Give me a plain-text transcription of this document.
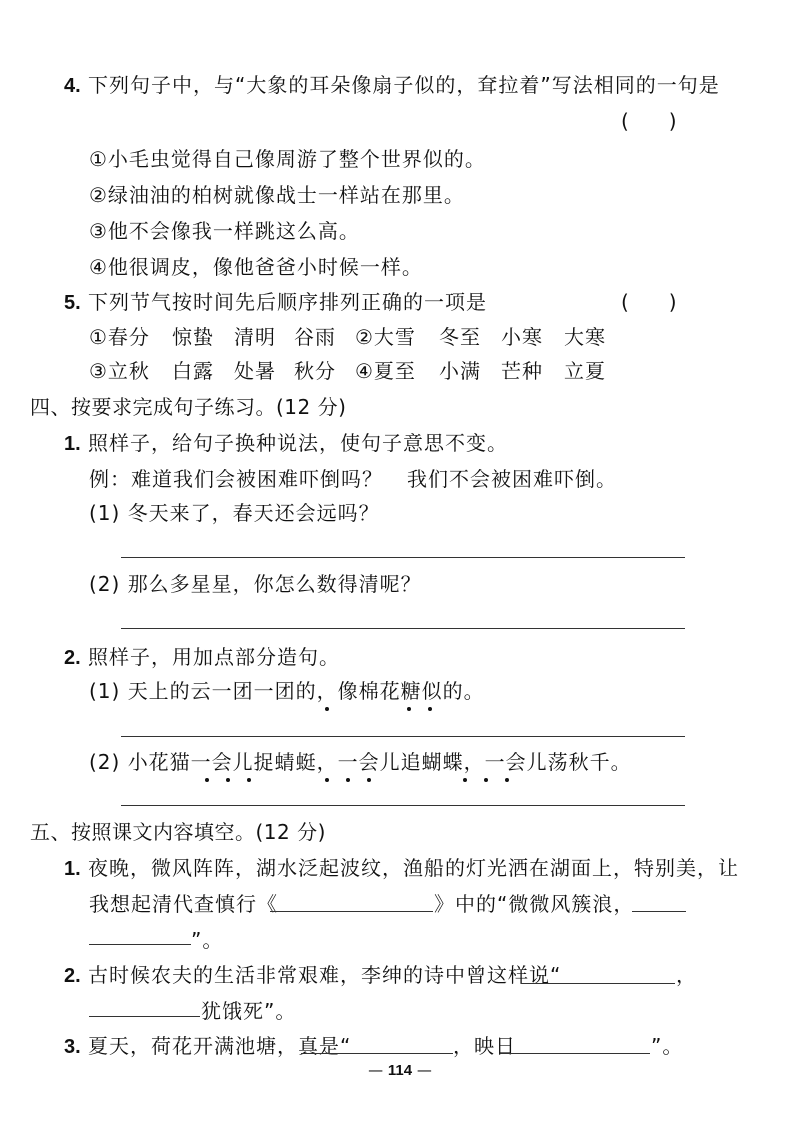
4. 下列句子中，与“大象的耳朵像扇子似的，耷拉着”写法相同的一句是
(　　)
①小毛虫觉得自己像周游了整个世界似的。
②绿油油的柏树就像战士一样站在那里。
③他不会像我一样跳这么高。
④他很调皮，像他爸爸小时候一样。
5. 下列节气按时间先后顺序排列正确的一项是	(　　)
①春分 惊蛰 清明 谷雨 ②大雪 冬至 小寒 大寒
③立秋 白露 处暑 秋分 ④夏至 小满 芒种 立夏
四、按要求完成句子练习。(12 分)
1. 照样子，给句子换种说法，使句子意思不变。
例：难道我们会被困难吓倒吗？ 我们不会被困难吓倒。
(1) 冬天来了，春天还会远吗？
(2) 那么多星星，你怎么数得清呢？
2. 照样子，用加点部分造句。
(1) 天上的云一团一团的，像棉花糖似的。
(2) 小花猫一会儿捉蜻蜓，一会儿追蝴蝶，一会儿荡秋千。
五、按照课文内容填空。(12 分)
1. 夜晚，微风阵阵，湖水泛起波纹，渔船的灯光洒在湖面上，特别美，让
我想起清代查慎行《	》中的“微微风簇浪，
”。
2. 古时候农夫的生活非常艰难，李绅的诗中曾这样说“	，
犹饿死”。
3. 夏天，荷花开满池塘，真是“	，映日	”。
— 114 —
